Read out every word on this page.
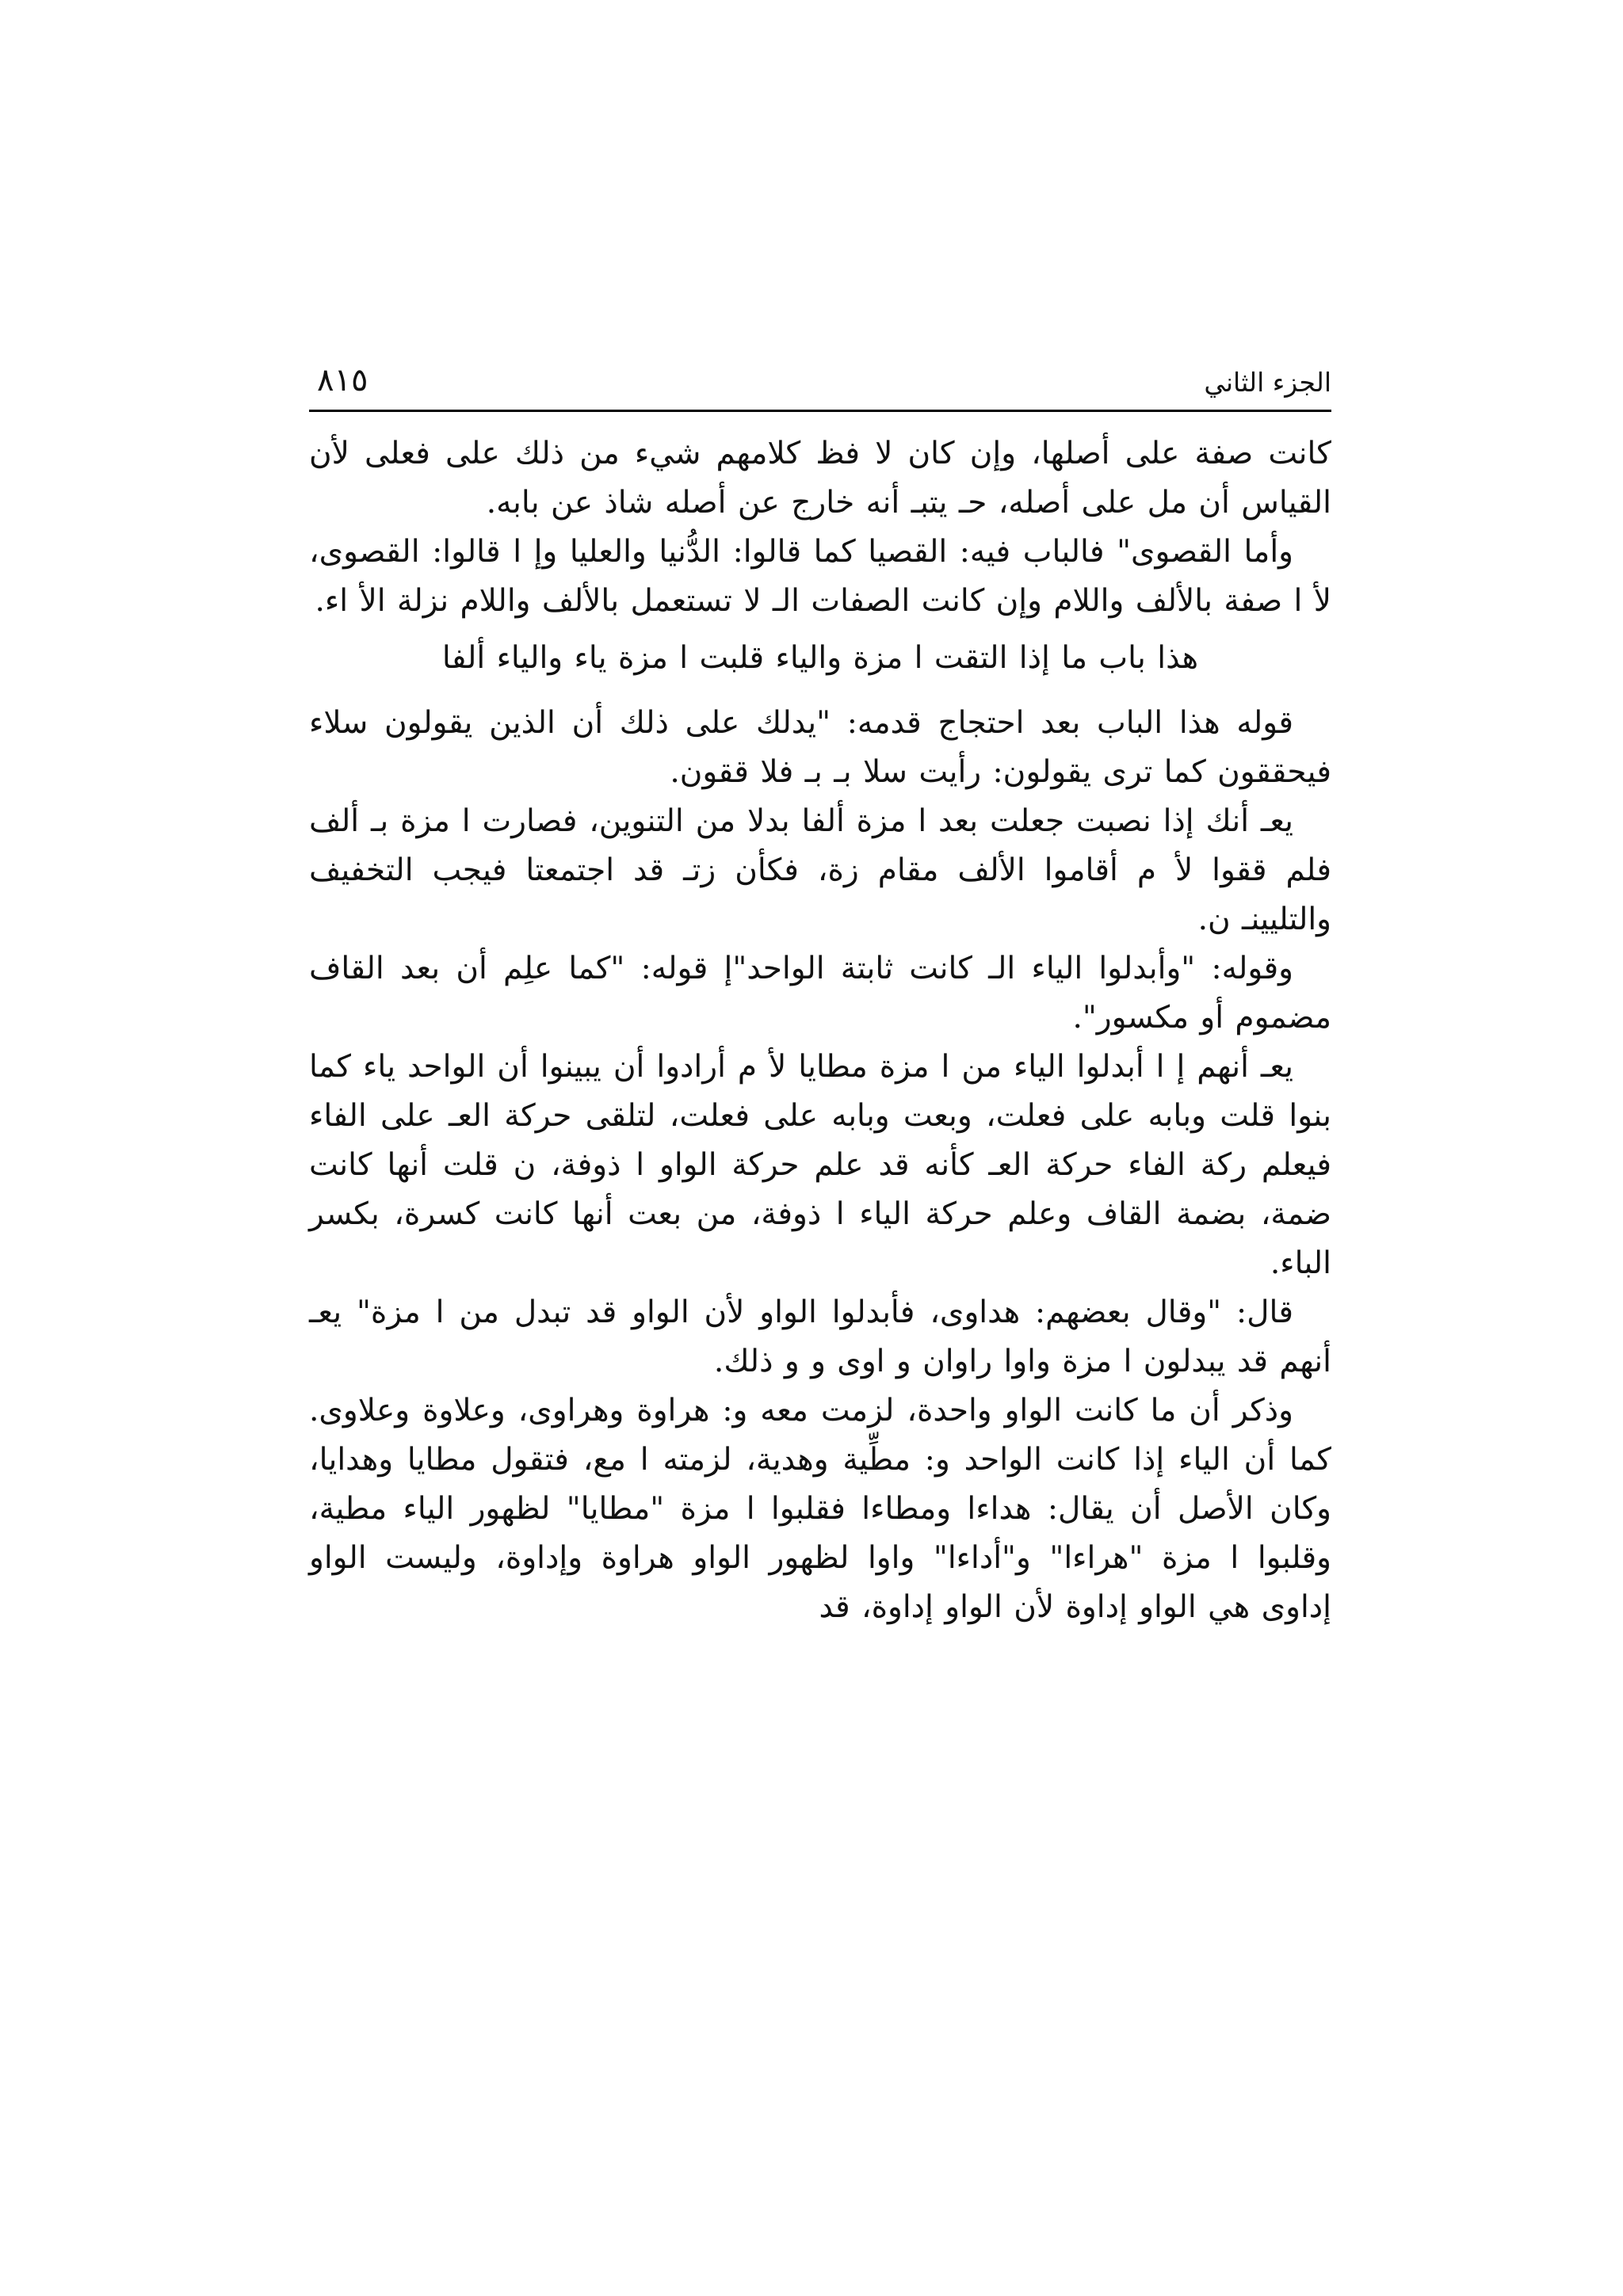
الجزء الثاني
٨١٥

كانت صفة على أصلها، وإن كان لا فظ كلامهم شيء من ذلك على فعلى لأن القياس أن مل على أصله، حـ يتبـ أنه خارج عن أصله شاذ عن بابه.

وأما القصوى" فالباب فيه: القصيا كما قالوا: الدُّنيا والعليا وإ ا قالوا: القصوى، لأ ا صفة بالألف واللام وإن كانت الصفات الـ لا تستعمل بالألف واللام نزلة الأ اء.

هذا باب ما إذا التقت ا مزة والياء قلبت ا مزة ياء والياء ألفا

قوله هذا الباب بعد احتجاج قدمه: "يدلك على ذلك أن الذين يقولون سلاء فيحققون كما ترى يقولون: رأيت سلا بـ بـ فلا ققون.

يعـ أنك إذا نصبت جعلت بعد ا مزة ألفا بدلا من التنوين، فصارت ا مزة بـ ألف فلم ققوا لأ م أقاموا الألف مقام زة، فكأن زتـ قد اجتمعتا فيجب التخفيف والتليينـ ن.

وقوله: "وأبدلوا الياء الـ كانت ثابتة الواحد"إ قوله: "كما علِم أن بعد القاف مضموم أو مكسور".

يعـ أنهم إ ا أبدلوا الياء من ا مزة مطايا لأ م أرادوا أن يبينوا أن الواحد ياء كما بنوا قلت وبابه على فعلت، وبعت وبابه على فعلت، لتلقى حركة العـ على الفاء فيعلم ركة الفاء حركة العـ كأنه قد علم حركة الواو ا ذوفة، ن قلت أنها كانت ضمة، بضمة القاف وعلم حركة الياء ا ذوفة، من بعت أنها كانت كسرة، بكسر الباء.

قال: "وقال بعضهم: هداوى، فأبدلوا الواو لأن الواو قد تبدل من ا مزة" يعـ أنهم قد يبدلون ا مزة واوا راوان و اوى و و ذلك.

وذكر أن ما كانت الواو واحدة، لزمت معه و: هراوة وهراوى، وعلاوة وعلاوى. كما أن الياء إذا كانت الواحد و: مطِّية وهدية، لزمته ا مع، فتقول مطايا وهدايا، وكان الأصل أن يقال: هداءا ومطاءا فقلبوا ا مزة "مطايا" لظهور الياء مطية، وقلبوا ا مزة "هراءا" و"أداءا" واوا لظهور الواو هراوة وإداوة، وليست الواو إداوى هي الواو إداوة لأن الواو إداوة، قد
